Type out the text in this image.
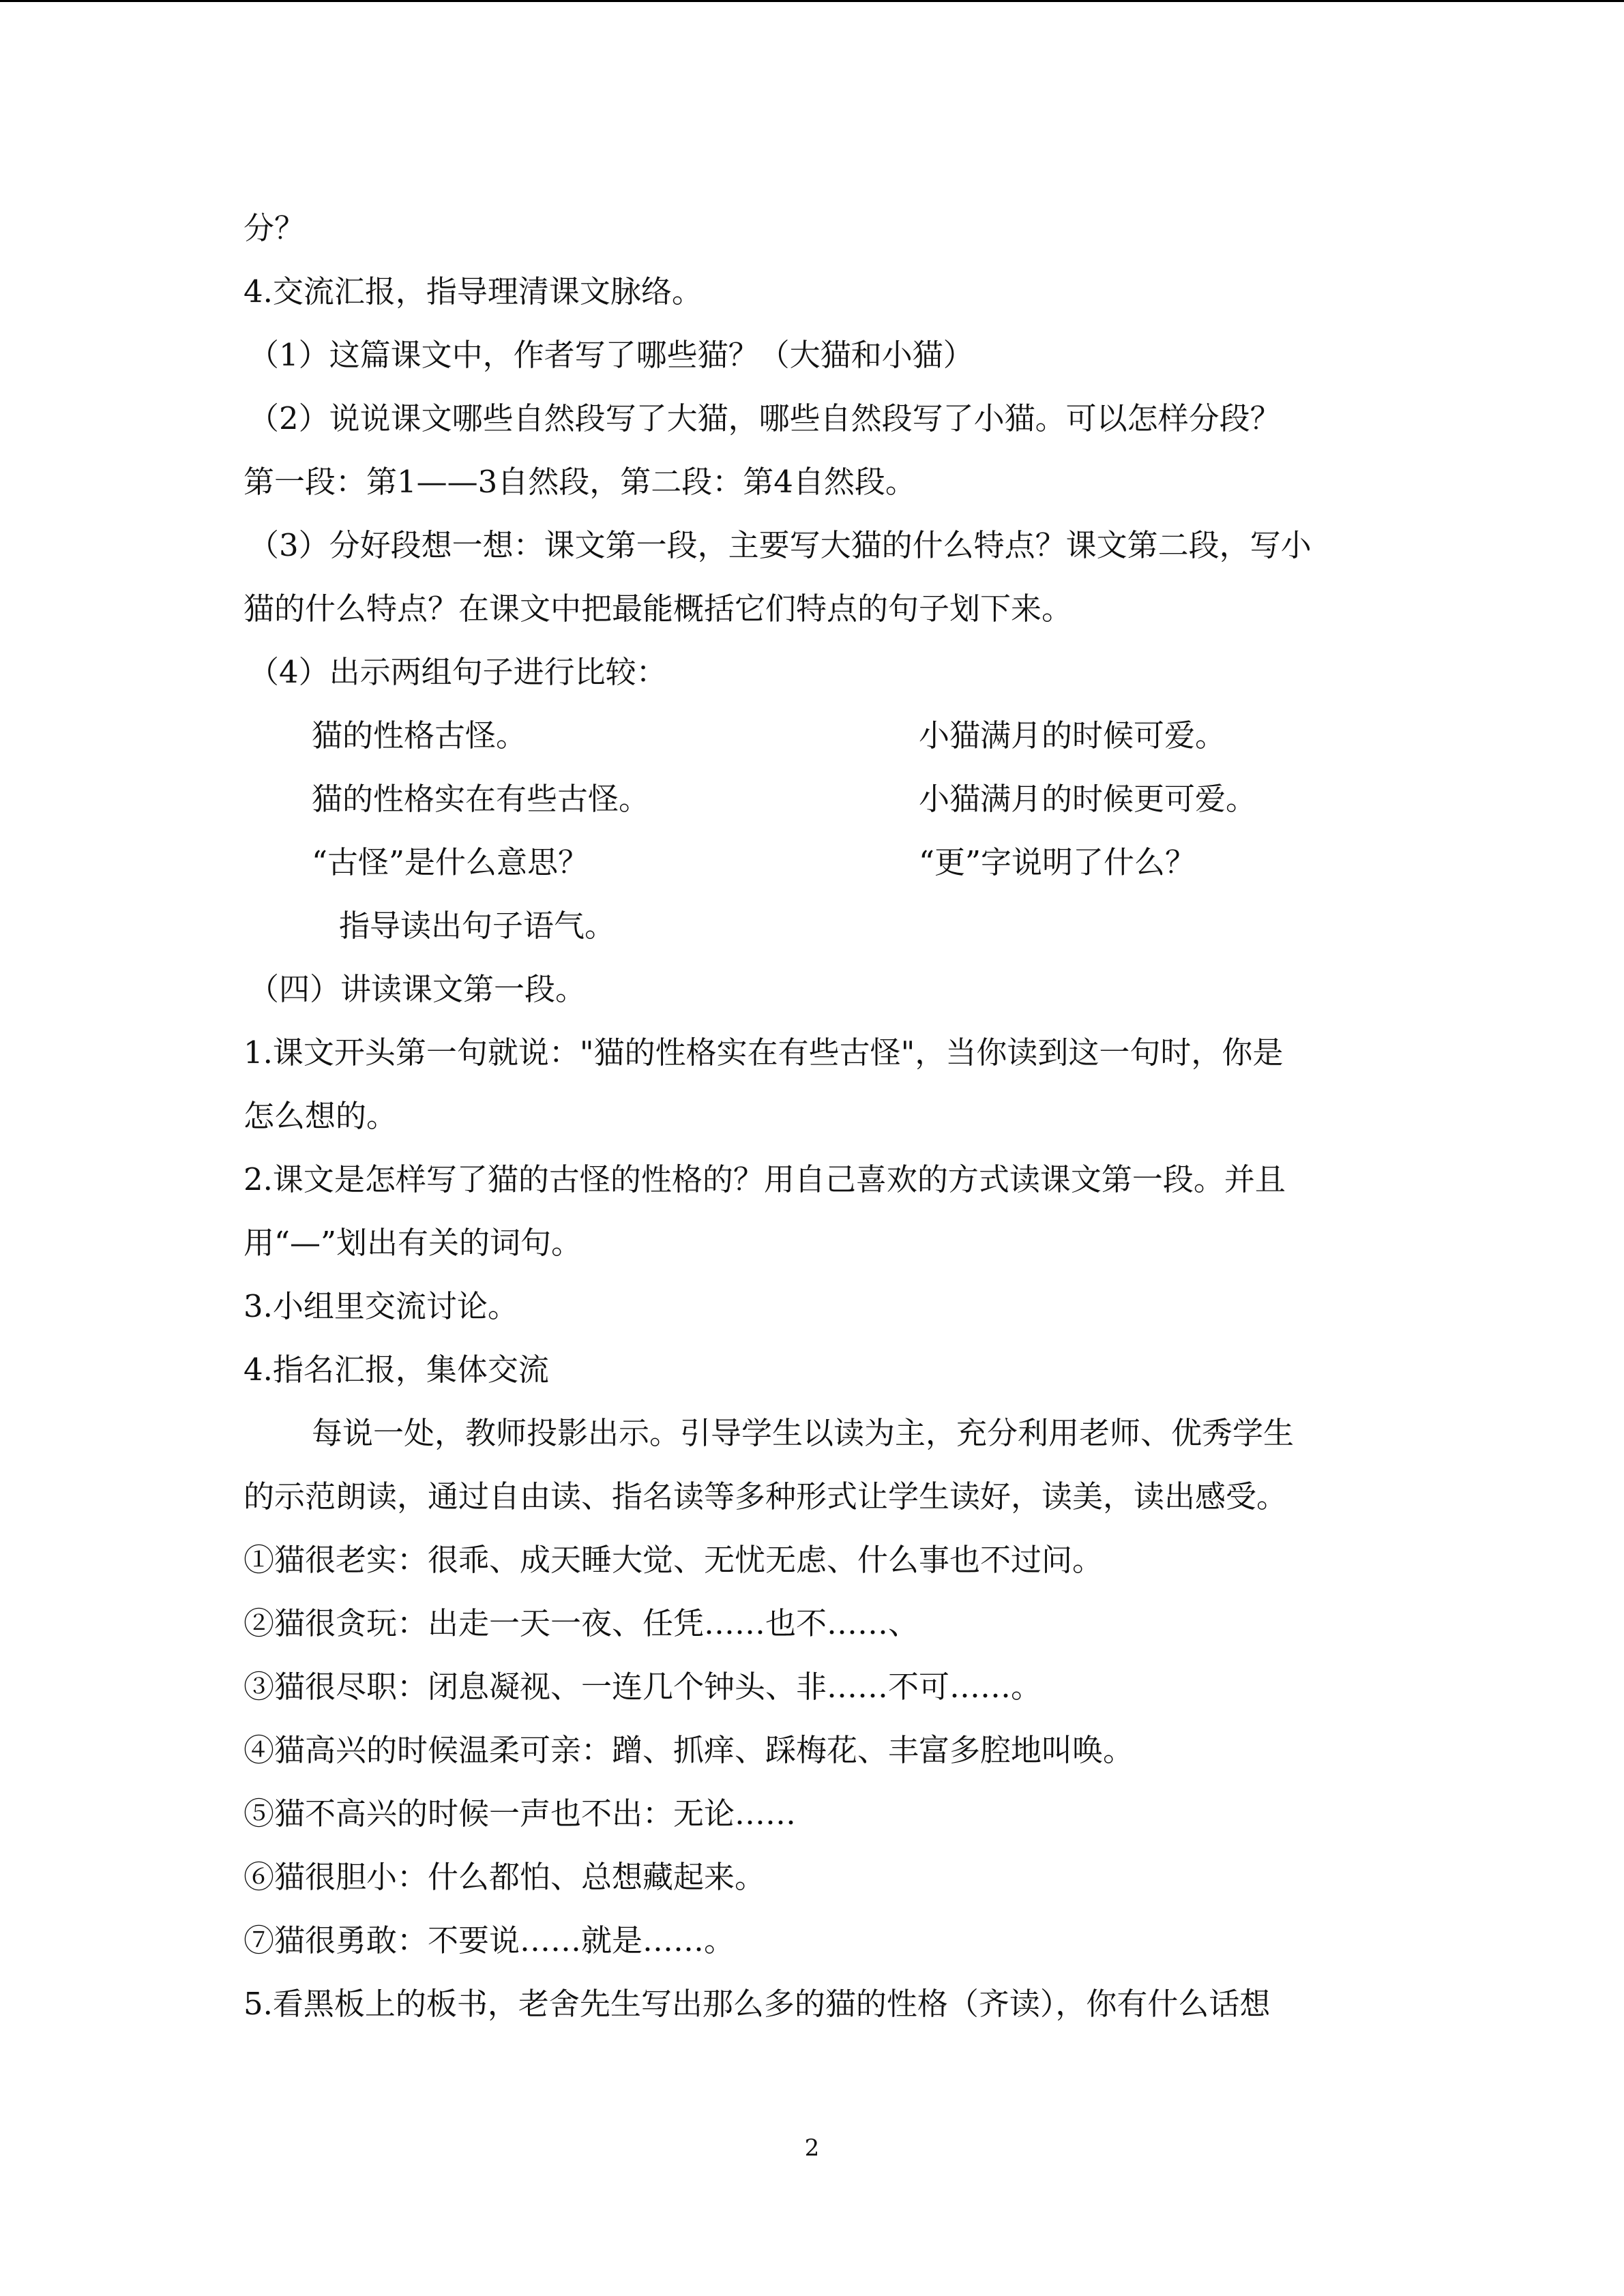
分？
4.交流汇报，指导理清课文脉络。
（1）这篇课文中，作者写了哪些猫？（大猫和小猫）
（2）说说课文哪些自然段写了大猫，哪些自然段写了小猫。可以怎样分段？
第一段：第1——3自然段，第二段：第4自然段。
（3）分好段想一想：课文第一段，主要写大猫的什么特点？课文第二段，写小
猫的什么特点？在课文中把最能概括它们特点的句子划下来。
（4）出示两组句子进行比较：
猫的性格古怪。	小猫满月的时候可爱。
猫的性格实在有些古怪。	小猫满月的时候更可爱。
“古怪”是什么意思？	“更”字说明了什么？
指导读出句子语气。
（四）讲读课文第一段。
1.课文开头第一句就说："猫的性格实在有些古怪"，当你读到这一句时，你是
怎么想的。
2.课文是怎样写了猫的古怪的性格的？用自己喜欢的方式读课文第一段。并且
用“—”划出有关的词句。
3.小组里交流讨论。
4.指名汇报，集体交流
每说一处，教师投影出示。引导学生以读为主，充分利用老师、优秀学生
的示范朗读，通过自由读、指名读等多种形式让学生读好，读美，读出感受。
①猫很老实：很乖、成天睡大觉、无忧无虑、什么事也不过问。
②猫很贪玩：出走一天一夜、任凭……也不……、
③猫很尽职：闭息凝视、一连几个钟头、非……不可……。
④猫高兴的时候温柔可亲：蹭、抓痒、踩梅花、丰富多腔地叫唤。
⑤猫不高兴的时候一声也不出：无论……
⑥猫很胆小：什么都怕、总想藏起来。
⑦猫很勇敢：不要说……就是……。
5.看黑板上的板书，老舍先生写出那么多的猫的性格（齐读），你有什么话想
2
